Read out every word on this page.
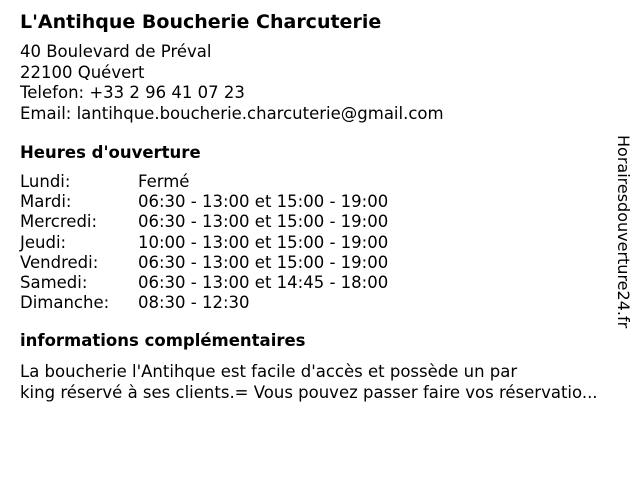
L'Antihque Boucherie Charcuterie
40 Boulevard de Préval
22100 Quévert
Telefon: +33 2 96 41 07 23
Email: lantihque.boucherie.charcuterie@gmail.com
Heures d'ouverture
Lundi:	Fermé
Mardi:	06:30 - 13:00 et 15:00 - 19:00
Mercredi:	06:30 - 13:00 et 15:00 - 19:00
Jeudi:	10:00 - 13:00 et 15:00 - 19:00
Vendredi:	06:30 - 13:00 et 15:00 - 19:00
Samedi:	06:30 - 13:00 et 14:45 - 18:00
Dimanche:	08:30 - 12:30
informations complémentaires
La boucherie l'Antihque est facile d'accès et possède un par
king réservé à ses clients.= Vous pouvez passer faire vos réservatio...
Horairesdouverture24.fr
